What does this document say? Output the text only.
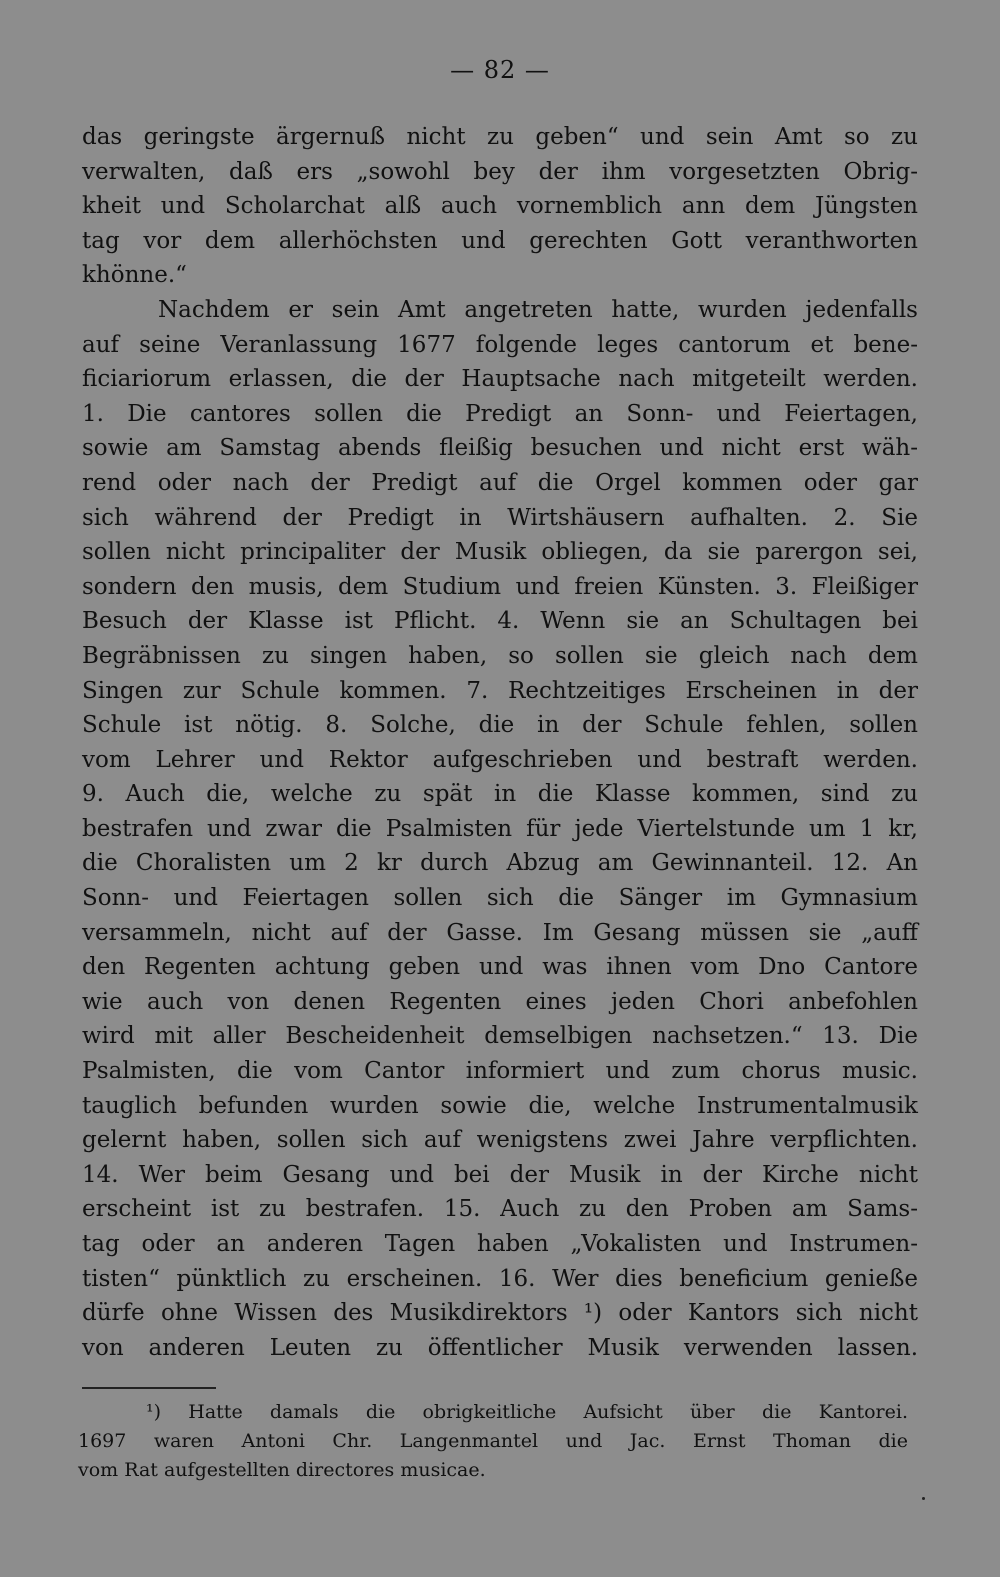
— 82 —
das geringste ärgernuß nicht zu geben“ und sein Amt so zu
verwalten, daß ers „sowohl bey der ihm vorgesetzten Obrig-
kheit und Scholarchat alß auch vornemblich ann dem Jüngsten
tag vor dem allerhöchsten und gerechten Gott veranthworten
khönne.“
Nachdem er sein Amt angetreten hatte, wurden jedenfalls
auf seine Veranlassung 1677 folgende leges cantorum et bene-
ficiariorum erlassen, die der Hauptsache nach mitgeteilt werden.
1. Die cantores sollen die Predigt an Sonn- und Feiertagen,
sowie am Samstag abends fleißig besuchen und nicht erst wäh-
rend oder nach der Predigt auf die Orgel kommen oder gar
sich während der Predigt in Wirtshäusern aufhalten. 2. Sie
sollen nicht principaliter der Musik obliegen, da sie parergon sei,
sondern den musis, dem Studium und freien Künsten. 3. Fleißiger
Besuch der Klasse ist Pflicht. 4. Wenn sie an Schultagen bei
Begräbnissen zu singen haben, so sollen sie gleich nach dem
Singen zur Schule kommen. 7. Rechtzeitiges Erscheinen in der
Schule ist nötig. 8. Solche, die in der Schule fehlen, sollen
vom Lehrer und Rektor aufgeschrieben und bestraft werden.
9. Auch die, welche zu spät in die Klasse kommen, sind zu
bestrafen und zwar die Psalmisten für jede Viertelstunde um 1 kr,
die Choralisten um 2 kr durch Abzug am Gewinnanteil. 12. An
Sonn- und Feiertagen sollen sich die Sänger im Gymnasium
versammeln, nicht auf der Gasse. Im Gesang müssen sie „auff
den Regenten achtung geben und was ihnen vom Dno Cantore
wie auch von denen Regenten eines jeden Chori anbefohlen
wird mit aller Bescheidenheit demselbigen nachsetzen.“ 13. Die
Psalmisten, die vom Cantor informiert und zum chorus music.
tauglich befunden wurden sowie die, welche Instrumentalmusik
gelernt haben, sollen sich auf wenigstens zwei Jahre verpflichten.
14. Wer beim Gesang und bei der Musik in der Kirche nicht
erscheint ist zu bestrafen. 15. Auch zu den Proben am Sams-
tag oder an anderen Tagen haben „Vokalisten und Instrumen-
tisten“ pünktlich zu erscheinen. 16. Wer dies beneficium genieße
dürfe ohne Wissen des Musikdirektors ¹) oder Kantors sich nicht
von anderen Leuten zu öffentlicher Musik verwenden lassen.
¹) Hatte damals die obrigkeitliche Aufsicht über die Kantorei.
1697 waren Antoni Chr. Langenmantel und Jac. Ernst Thoman die
vom Rat aufgestellten directores musicae.
